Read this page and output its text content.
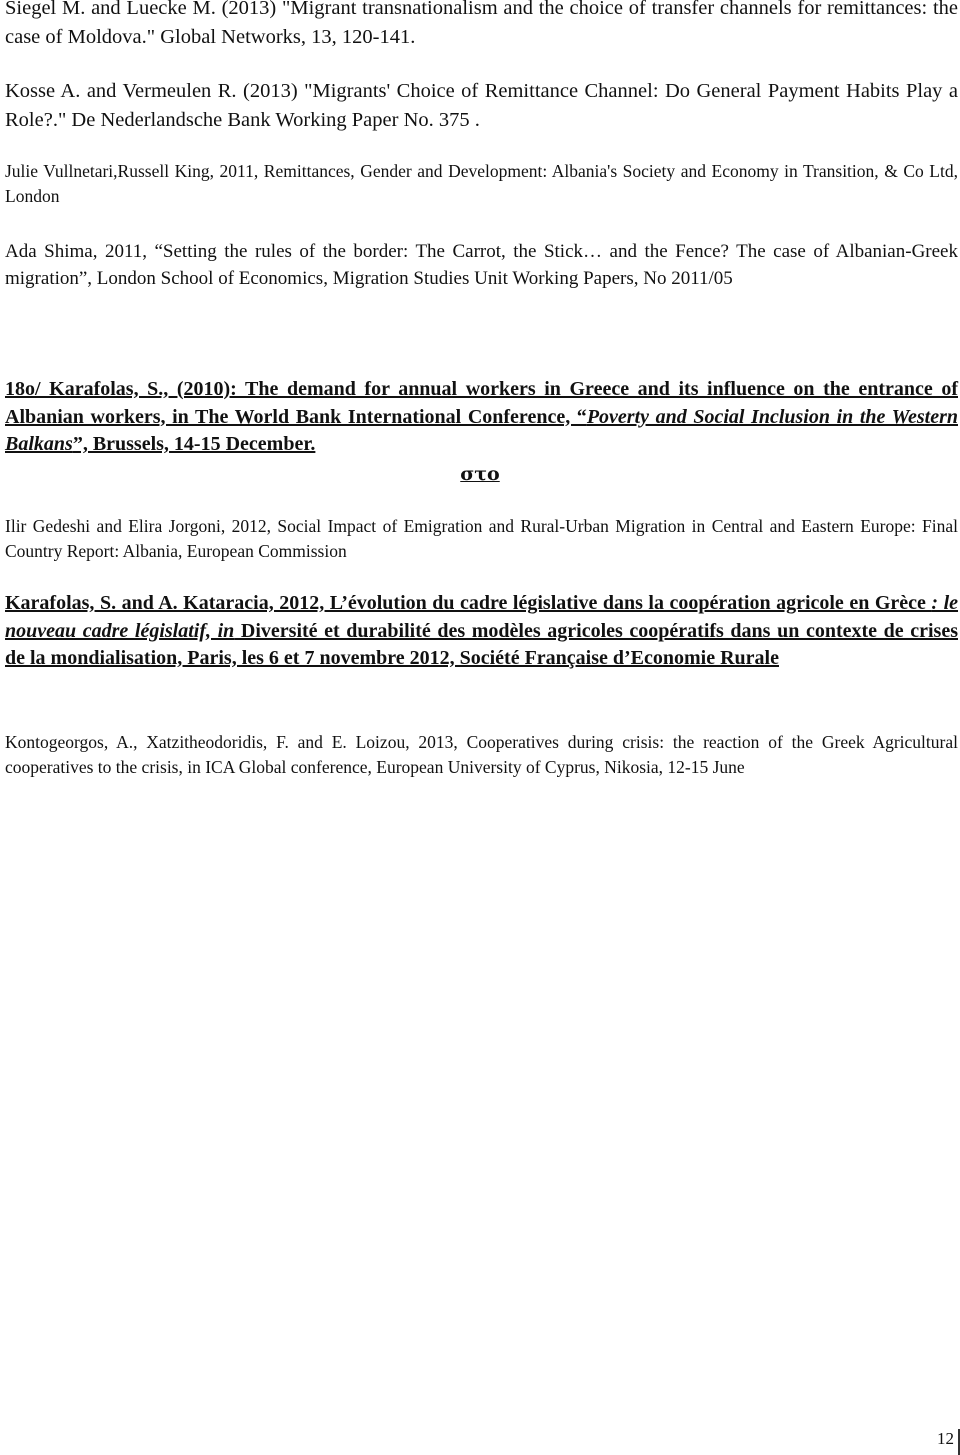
Siegel M. and Luecke M. (2013) "Migrant transnationalism and the choice of transfer channels for remittances: the case of Moldova." Global Networks, 13, 120-141.

Kosse A. and Vermeulen R. (2013) "Migrants' Choice of Remittance Channel: Do General Payment Habits Play a Role?." De Nederlandsche Bank Working Paper No. 375 .

Julie Vullnetari,Russell King, 2011, Remittances, Gender and Development: Albania's Society and Economy in Transition, & Co Ltd, London

Ada Shima, 2011, “Setting the rules of the border: The Carrot, the Stick… and the Fence? The case of Albanian-Greek migration”, London School of Economics, Migration Studies Unit Working Papers, No 2011/05

18o/ Karafolas, S., (2010): The demand for annual workers in Greece and its influence on the entrance of Albanian workers, in The World Bank International Conference, “Poverty and Social Inclusion in the Western Balkans”, Brussels, 14-15 December.

στο

Ilir Gedeshi and Elira Jorgoni, 2012, Social Impact of Emigration and Rural-Urban Migration in Central and Eastern Europe: Final Country Report: Albania, European Commission

Karafolas, S. and A. Kataracia, 2012, L’évolution du cadre législative dans la coopération agricole en Grèce : le nouveau cadre législatif, in Diversité et durabilité des modèles agricoles coopératifs dans un contexte de crises de la mondialisation, Paris, les 6 et 7 novembre 2012, Société Française d’Economie Rurale

Kontogeorgos, A., Xatzitheodoridis, F. and E. Loizou, 2013, Cooperatives during crisis: the reaction of the Greek Agricultural cooperatives to the crisis, in ICA Global conference, European University of Cyprus, Nikosia, 12-15 June

12
